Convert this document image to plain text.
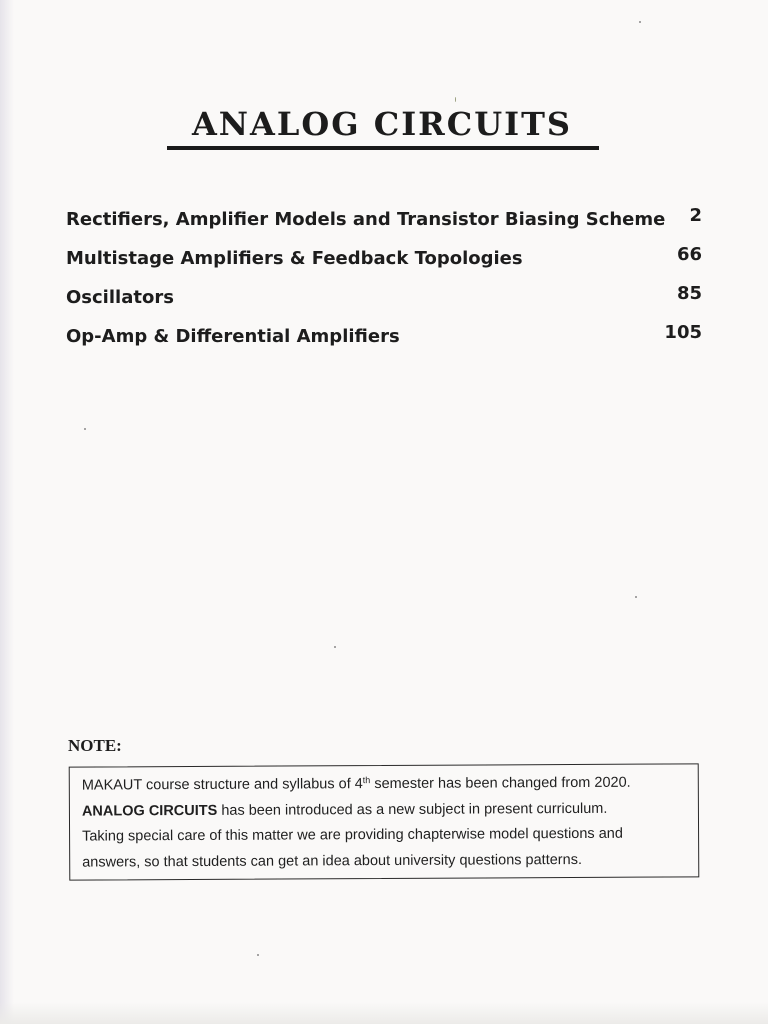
ANALOG CIRCUITS
Rectifiers, Amplifier Models and Transistor Biasing Scheme 2
Multistage Amplifiers & Feedback Topologies	66
Oscillators	85
Op-Amp & Differential Amplifiers	105
NOTE:

MAKAUT course structure and syllabus of 4th semester has been changed from 2020.

ANALOG CIRCUITS has been introduced as a new subject in present curriculum.

Taking special care of this matter we are providing chapterwise model questions and

answers, so that students can get an idea about university questions patterns.
